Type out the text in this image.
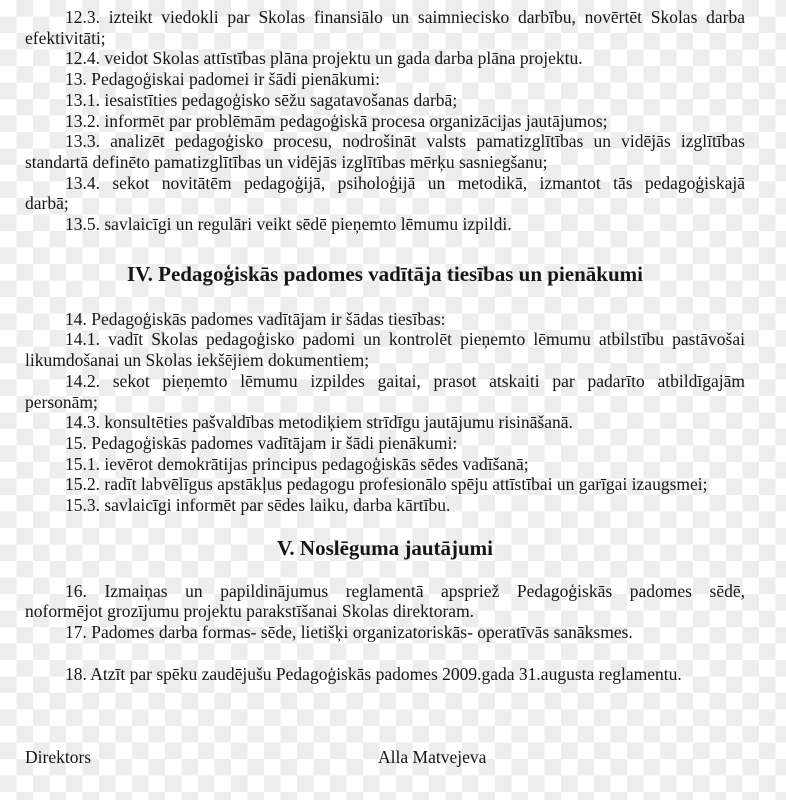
12.3. izteikt viedokli par Skolas finansiālo un saimniecisko darbību, novērtēt Skolas darba
efektivitāti;
12.4. veidot Skolas attīstības plāna projektu un gada darba plāna projektu.
13. Pedagoģiskai padomei ir šādi pienākumi:
13.1. iesaistīties pedagoģisko sēžu sagatavošanas darbā;
13.2. informēt par problēmām pedagoģiskā procesa organizācijas jautājumos;
13.3. analizēt pedagoģisko procesu, nodrošināt valsts pamatizglītības un vidējās izglītības
standartā definēto pamatizglītības un vidējās izglītības mērķu sasniegšanu;
13.4. sekot novitātēm pedagoģijā, psiholoģijā un metodikā, izmantot tās pedagoģiskajā
darbā;
13.5. savlaicīgi un regulāri veikt sēdē pieņemto lēmumu izpildi.
IV. Pedagoģiskās padomes vadītāja tiesības un pienākumi
14. Pedagoģiskās padomes vadītājam ir šādas tiesības:
14.1. vadīt Skolas pedagoģisko padomi un kontrolēt pieņemto lēmumu atbilstību pastāvošai
likumdošanai un Skolas iekšējiem dokumentiem;
14.2. sekot pieņemto lēmumu izpildes gaitai, prasot atskaiti par padarīto atbildīgajām
personām;
14.3. konsultēties pašvaldības metodiķiem strīdīgu jautājumu risināšanā.
15. Pedagoģiskās padomes vadītājam ir šādi pienākumi:
15.1. ievērot demokrātijas principus pedagoģiskās sēdes vadīšanā;
15.2. radīt labvēlīgus apstākļus pedagogu profesionālo spēju attīstībai un garīgai izaugsmei;
15.3. savlaicīgi informēt par sēdes laiku, darba kārtību.
V. Noslēguma jautājumi
16. Izmaiņas un papildinājumus reglamentā apspriež Pedagoģiskās padomes sēdē,
noformējot grozījumu projektu parakstīšanai Skolas direktoram.
17. Padomes darba formas- sēde, lietišķi organizatoriskās- operatīvās sanāksmes.
18. Atzīt par spēku zaudējušu Pedagoģiskās padomes 2009.gada 31.augusta reglamentu.
Direktors	Alla Matvejeva
